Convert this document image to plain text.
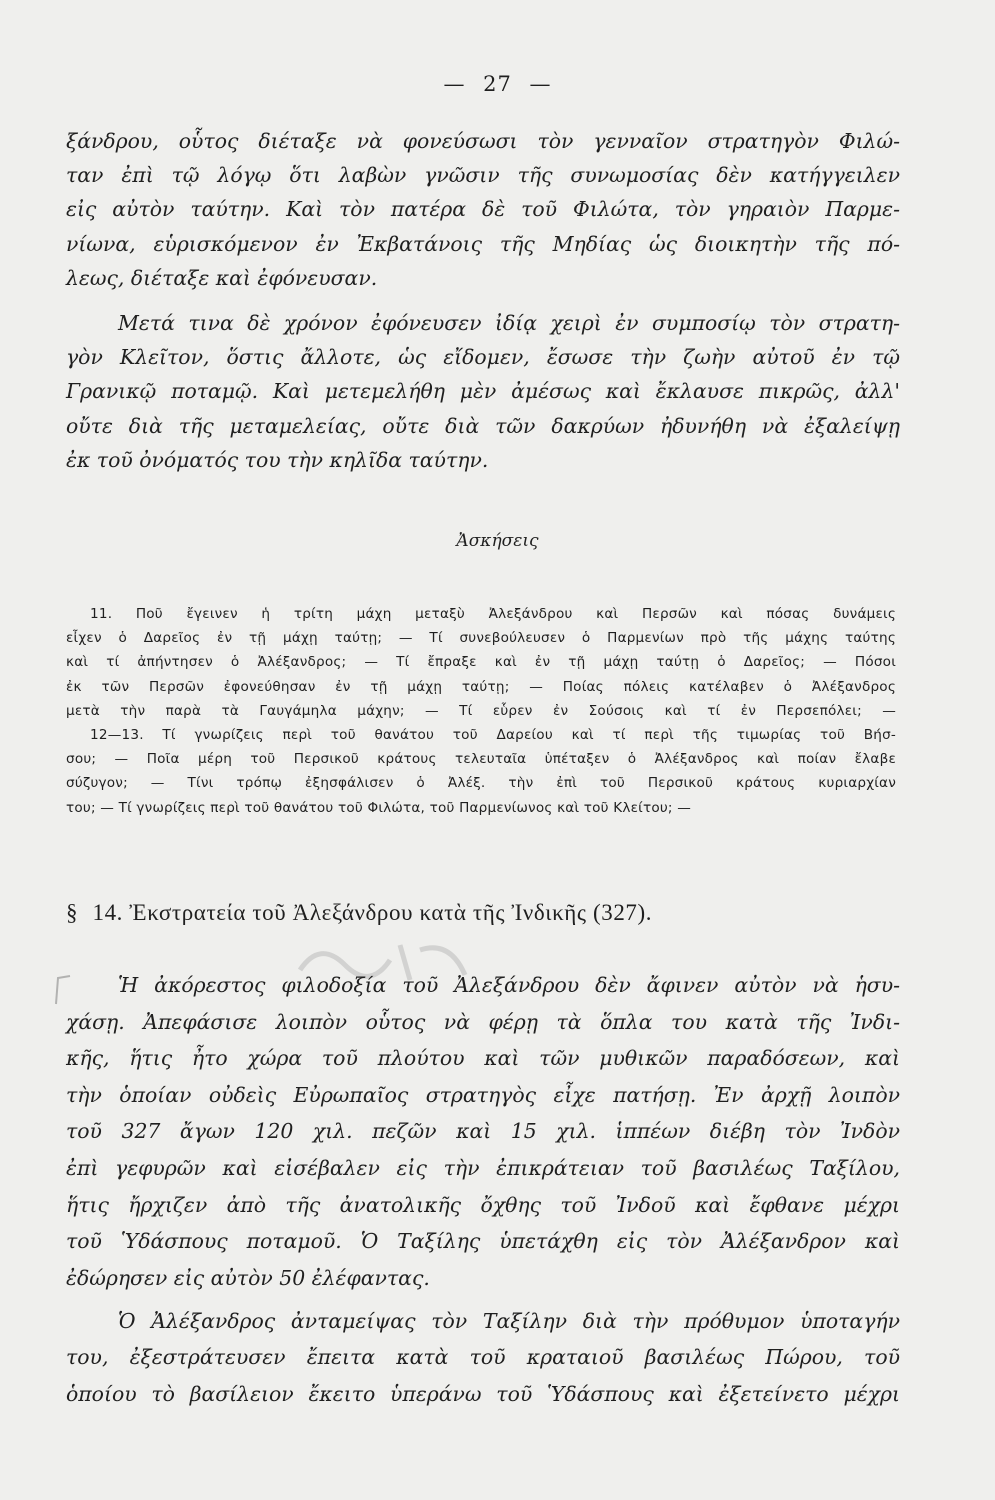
— 27 —

ξάνδρου, οὗτος διέταξε νὰ φονεύσωσι τὸν γενναῖον στρατηγὸν Φιλώ-
ταν ἐπὶ τῷ λόγῳ ὅτι λαβὼν γνῶσιν τῆς συνωμοσίας δὲν κατήγγειλεν
εἰς αὐτὸν ταύτην. Καὶ τὸν πατέρα δὲ τοῦ Φιλώτα, τὸν γηραιὸν Παρμε-
νίωνα, εὑρισκόμενον ἐν Ἐκβατάνοις τῆς Μηδίας ὡς διοικητὴν τῆς πό-
λεως, διέταξε καὶ ἐφόνευσαν.

Μετά τινα δὲ χρόνον ἐφόνευσεν ἰδίᾳ χειρὶ ἐν συμποσίῳ τὸν στρατη-
γὸν Κλεῖτον, ὅστις ἄλλοτε, ὡς εἴδομεν, ἔσωσε τὴν ζωὴν αὐτοῦ ἐν τῷ
Γρανικῷ ποταμῷ. Καὶ μετεμελήθη μὲν ἀμέσως καὶ ἔκλαυσε πικρῶς, ἀλλ'
οὔτε διὰ τῆς μεταμελείας, οὔτε διὰ τῶν δακρύων ἠδυνήθη νὰ ἐξαλείψῃ
ἐκ τοῦ ὀνόματός του τὴν κηλῖδα ταύτην.

Ἀσκήσεις
11. Ποῦ ἔγεινεν ἡ τρίτη μάχη μεταξὺ Ἀλεξάνδρου καὶ Περσῶν καὶ πόσας δυνάμεις
εἶχεν ὁ Δαρεῖος ἐν τῇ μάχῃ ταύτῃ; — Τί συνεβούλευσεν ὁ Παρμενίων πρὸ τῆς μάχης ταύτης
καὶ τί ἀπήντησεν ὁ Ἀλέξανδρος; — Τί ἔπραξε καὶ ἐν τῇ μάχῃ ταύτῃ ὁ Δαρεῖος; — Πόσοι
ἐκ τῶν Περσῶν ἐφονεύθησαν ἐν τῇ μάχῃ ταύτῃ; — Ποίας πόλεις κατέλαβεν ὁ Ἀλέξανδρος
μετὰ τὴν παρὰ τὰ Γαυγάμηλα μάχην; — Τί εὗρεν ἐν Σούσοις καὶ τί ἐν Περσεπόλει; —
12—13. Τί γνωρίζεις περὶ τοῦ θανάτου τοῦ Δαρείου καὶ τί περὶ τῆς τιμωρίας τοῦ Βήσ-
σου; — Ποῖα μέρη τοῦ Περσικοῦ κράτους τελευταῖα ὑπέταξεν ὁ Ἀλέξανδρος καὶ ποίαν ἔλαβε
σύζυγον; — Τίνι τρόπῳ ἐξησφάλισεν ὁ Ἀλέξ. τὴν ἐπὶ τοῦ Περσικοῦ κράτους κυριαρχίαν
του; — Τί γνωρίζεις περὶ τοῦ θανάτου τοῦ Φιλώτα, τοῦ Παρμενίωνος καὶ τοῦ Κλείτου; —
§ 14. Ἐκστρατεία τοῦ Ἀλεξάνδρου κατὰ τῆς Ἰνδικῆς (327).

Ἡ ἀκόρεστος φιλοδοξία τοῦ Ἀλεξάνδρου δὲν ἄφινεν αὐτὸν νὰ ἡσυ-
χάσῃ. Ἀπεφάσισε λοιπὸν οὗτος νὰ φέρῃ τὰ ὅπλα του κατὰ τῆς Ἰνδι-
κῆς, ἥτις ἦτο χώρα τοῦ πλούτου καὶ τῶν μυθικῶν παραδόσεων, καὶ
τὴν ὁποίαν οὐδεὶς Εὐρωπαῖος στρατηγὸς εἶχε πατήσῃ. Ἐν ἀρχῇ λοιπὸν
τοῦ 327 ἄγων 120 χιλ. πεζῶν καὶ 15 χιλ. ἱππέων διέβη τὸν Ἰνδὸν
ἐπὶ γεφυρῶν καὶ εἰσέβαλεν εἰς τὴν ἐπικράτειαν τοῦ βασιλέως Ταξίλου,
ἥτις ἤρχιζεν ἀπὸ τῆς ἀνατολικῆς ὄχθης τοῦ Ἰνδοῦ καὶ ἔφθανε μέχρι
τοῦ Ὑδάσπους ποταμοῦ. Ὁ Ταξίλης ὑπετάχθη εἰς τὸν Ἀλέξανδρον καὶ
ἐδώρησεν εἰς αὐτὸν 50 ἐλέφαντας.

Ὁ Ἀλέξανδρος ἀνταμείψας τὸν Ταξίλην διὰ τὴν πρόθυμον ὑποταγήν
του, ἐξεστράτευσεν ἔπειτα κατὰ τοῦ κραταιοῦ βασιλέως Πώρου, τοῦ
ὁποίου τὸ βασίλειον ἔκειτο ὑπεράνω τοῦ Ὑδάσπους καὶ ἐξετείνετο μέχρι
